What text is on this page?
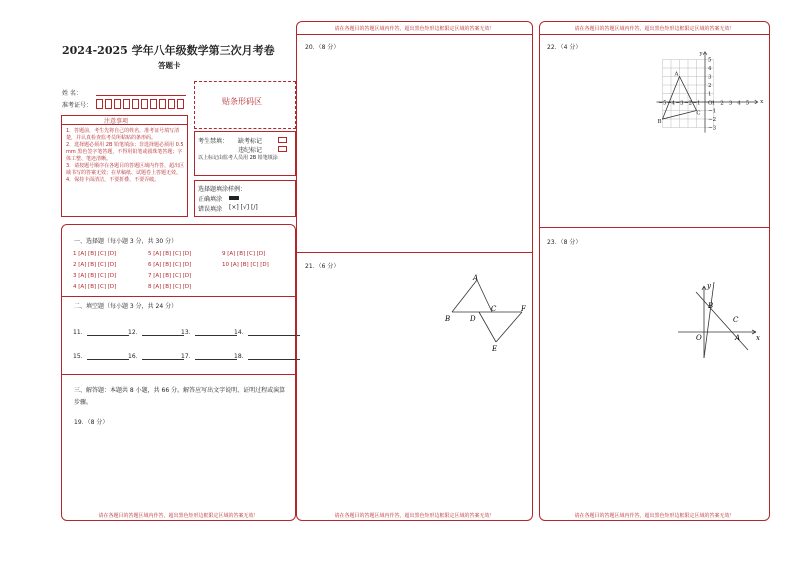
2024-2025 学年八年级数学第三次月考卷
答题卡
姓 名：
准考证号：	贴条形码区
注意事项
1．答题前，考生先将自己的姓名，准考证号填写清楚，并认真检查监考员所粘贴的条形码。
2．选择题必须用 2B 铅笔填涂；非选择题必须用 0.5 mm 黑色签字笔答题，不得用铅笔或圆珠笔答题；字体工整、笔迹清晰。
3．请按题号顺序在各题目的答题区域内作答，超出区域书写的答案无效；在草稿纸、试题卷上答题无效。
4．保持卡面清洁，不要折叠、不要弄破。
考生禁填： 缺考标记
违纪标记
以上标记由监考人员用 2B 铅笔填涂
选择题填涂样例：
正确填涂
错误填涂 [×] [√] [/]
一、选择题（每小题 3 分，共 30 分）
1 [A] [B] [C] [D]
2 [A] [B] [C] [D]
3 [A] [B] [C] [D]
4 [A] [B] [C] [D]
5 [A] [B] [C] [D]
6 [A] [B] [C] [D]
7 [A] [B] [C] [D]
8 [A] [B] [C] [D]
9 [A] [B] [C] [D]
10 [A] [B] [C] [D]
二、填空题（每小题 3 分，共 24 分）
11．	12．	13．	14．
15．	16．	17．	18．
三、解答题：本题共 8 小题，共 66 分。解答应写出文字说明、证明过程或演算步骤。
19．（8 分）
请在各题目的答题区域内作答，超出黑色矩形边框限定区域的答案无效！
请在各题目的答题区域内作答，超出黑色矩形边框限定区域的答案无效！
20．（8 分）
21．（6 分）
A
B	D
C	F
E
请在各题目的答题区域内作答，超出黑色矩形边框限定区域的答案无效！
请在各题目的答题区域内作答，超出黑色矩形边框限定区域的答案无效！
22．（4 分）
−5 −4 −3 −2 −1 1 2 3 4 5
5
4
3
2
1
−1
−2
−3
x
y
O
A
B
C
23．（8 分）
y
B
C
A
O	x
请在各题目的答题区域内作答，超出黑色矩形边框限定区域的答案无效！
